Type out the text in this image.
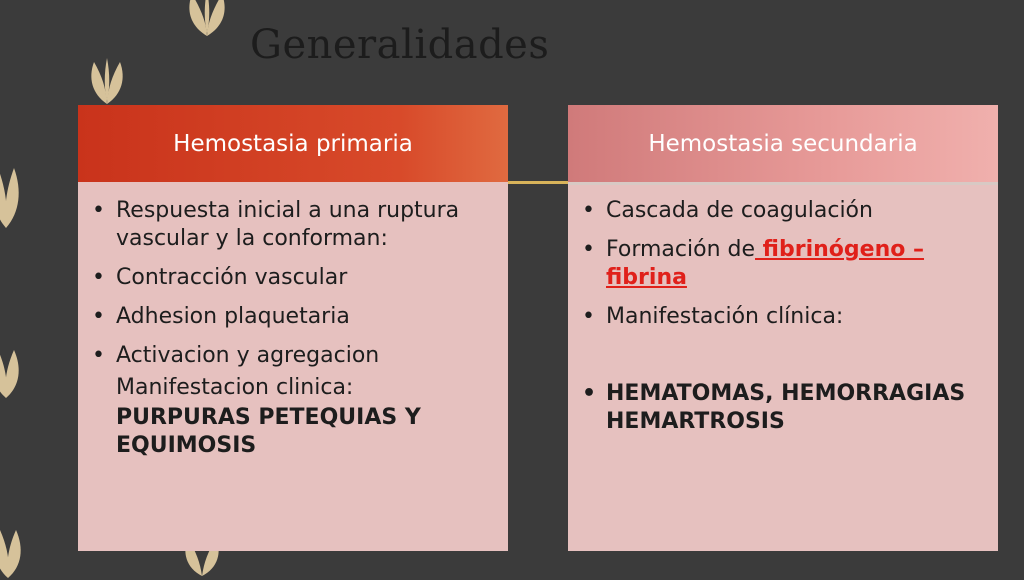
Generalidades
Hemostasia primaria
• Respuesta inicial a una ruptura vascular y la conforman:
• Contracción vascular
• Adhesion plaquetaria
• Activacion y agregacion
Manifestacion clinica:
PURPURAS PETEQUIAS Y EQUIMOSIS
Hemostasia secundaria
• Cascada de coagulación
• Formación de fibrinógeno – fibrina
• Manifestación clínica:
• HEMATOMAS, HEMORRAGIAS HEMARTROSIS
